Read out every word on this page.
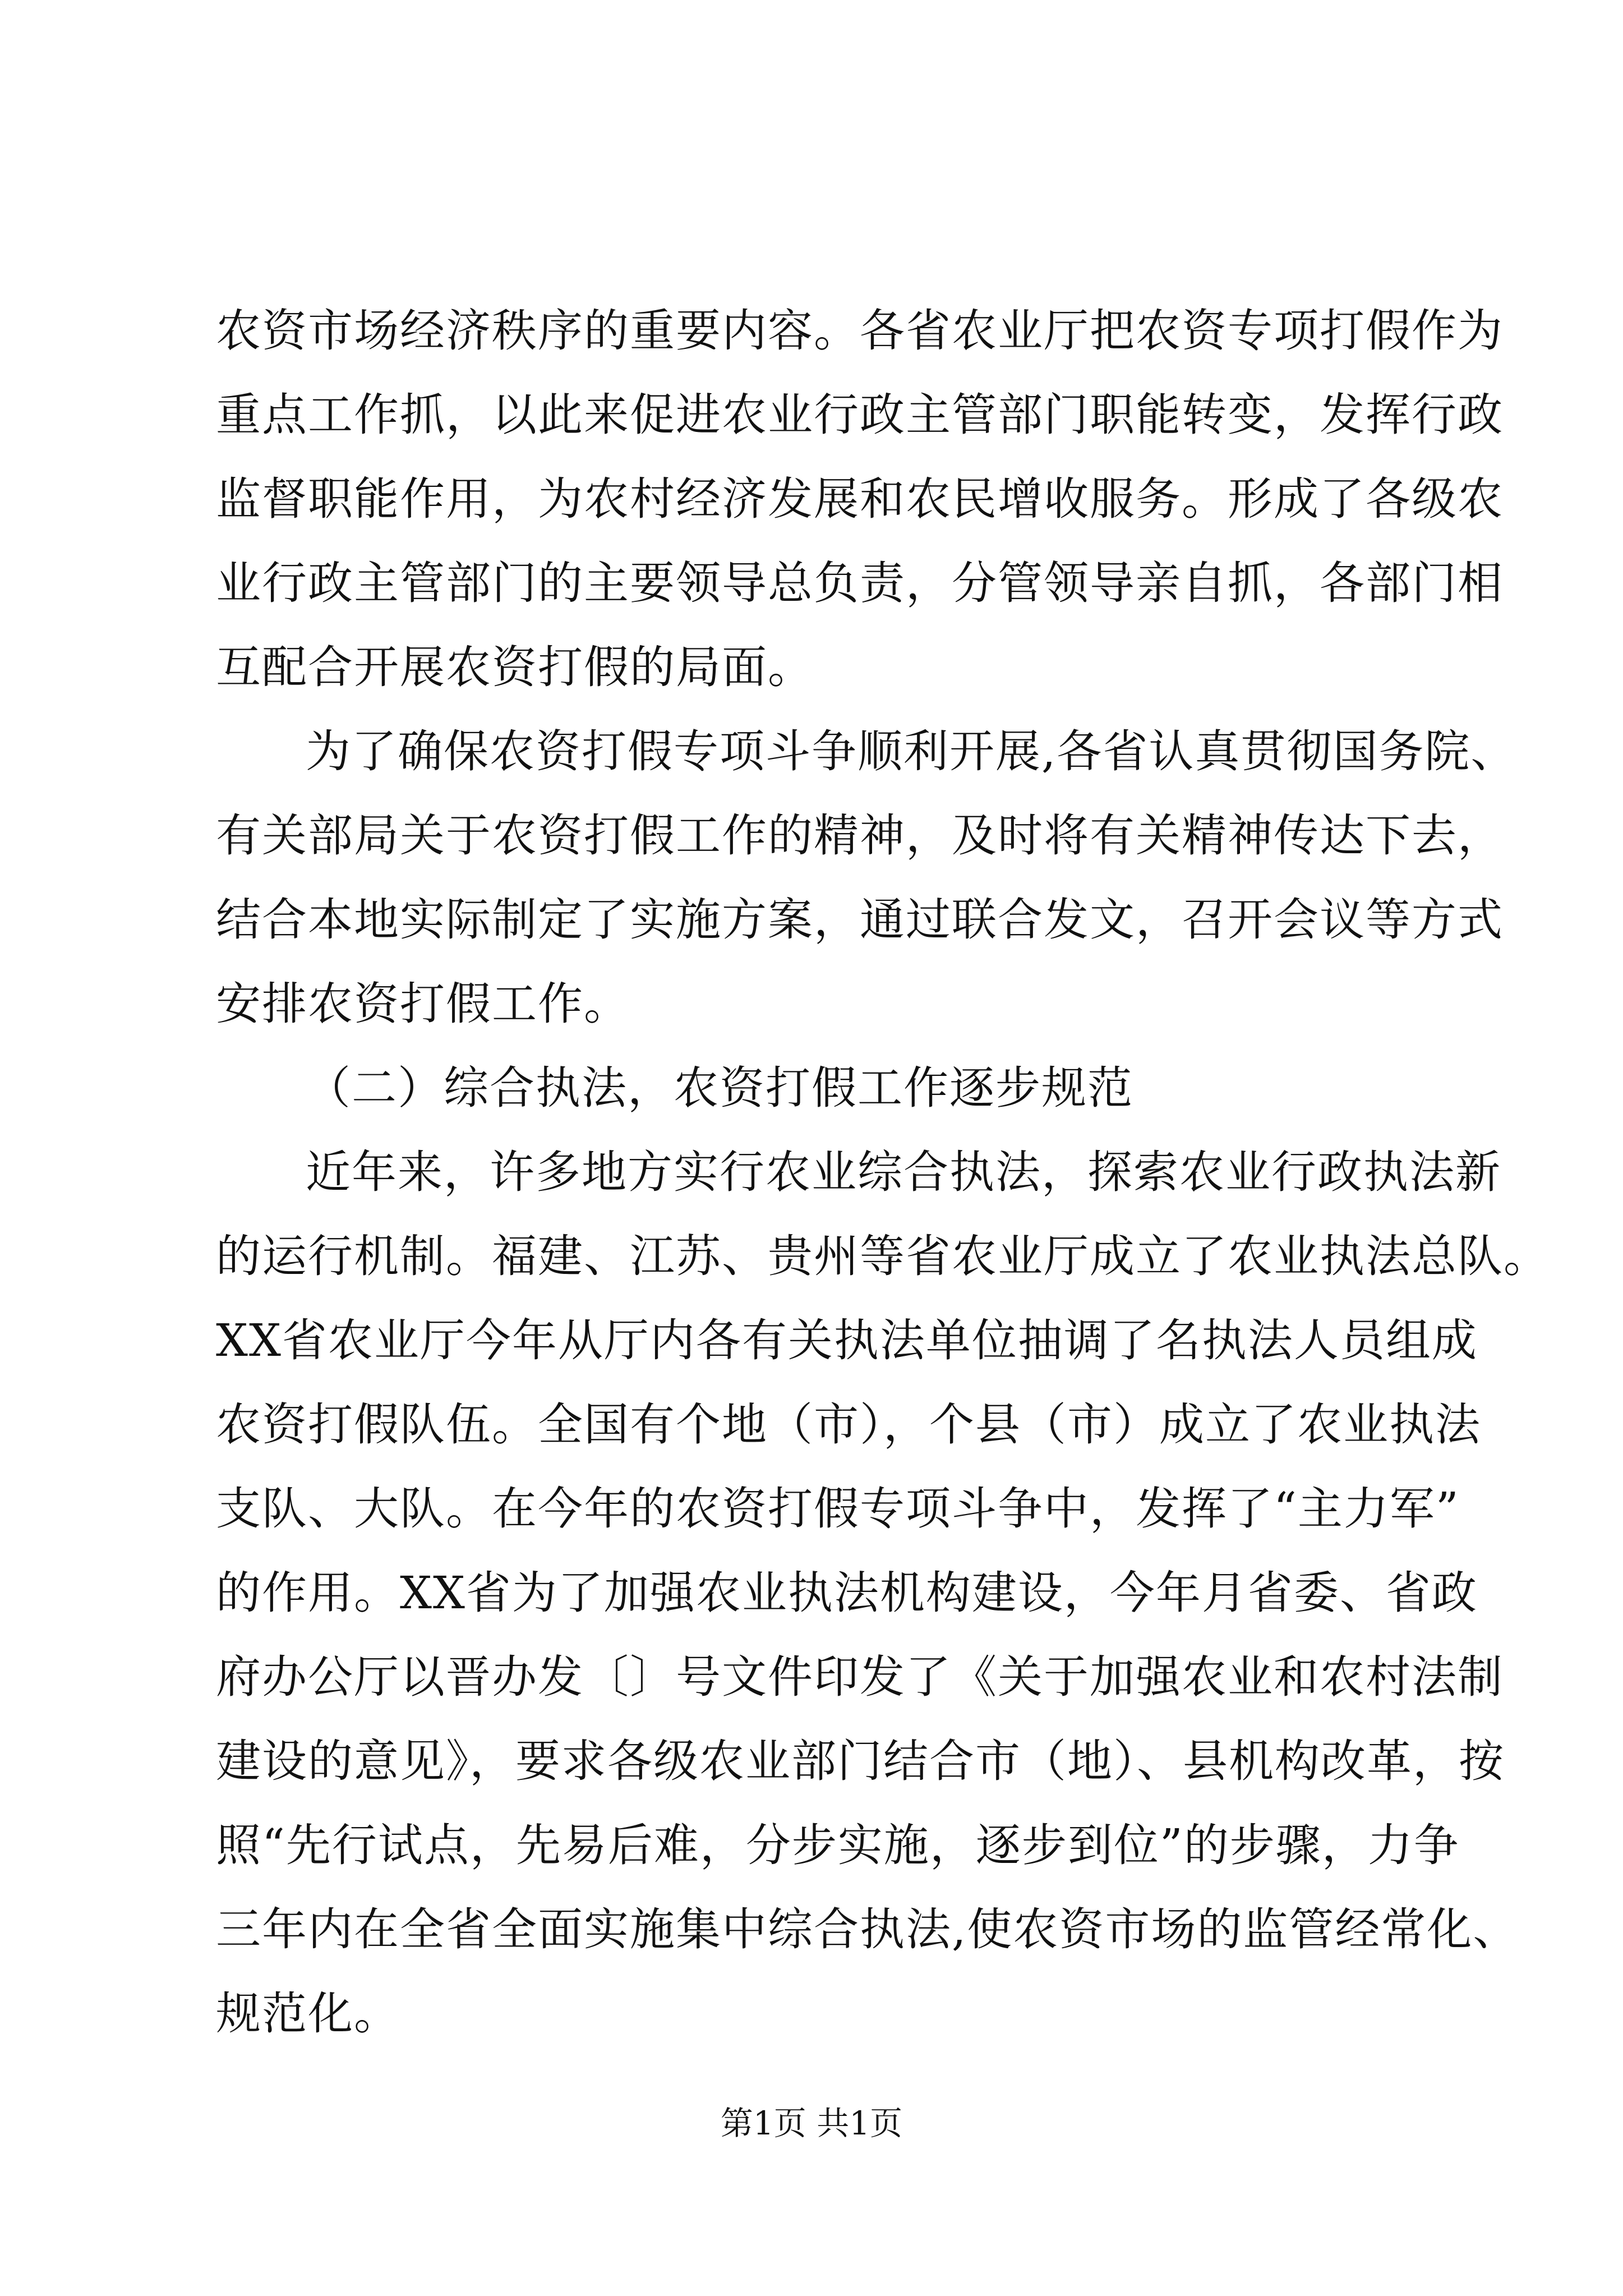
农资市场经济秩序的重要内容。各省农业厅把农资专项打假作为

重点工作抓，以此来促进农业行政主管部门职能转变，发挥行政

监督职能作用，为农村经济发展和农民增收服务。形成了各级农

业行政主管部门的主要领导总负责，分管领导亲自抓，各部门相

互配合开展农资打假的局面。

为了确保农资打假专项斗争顺利开展,各省认真贯彻国务院、

有关部局关于农资打假工作的精神，及时将有关精神传达下去，

结合本地实际制定了实施方案，通过联合发文，召开会议等方式

安排农资打假工作。

（二）综合执法，农资打假工作逐步规范

近年来，许多地方实行农业综合执法，探索农业行政执法新

的运行机制。福建、江苏、贵州等省农业厅成立了农业执法总队。

XX省农业厅今年从厅内各有关执法单位抽调了名执法人员组成

农资打假队伍。全国有个地（市），个县（市）成立了农业执法

支队、大队。在今年的农资打假专项斗争中，发挥了“主力军”

的作用。XX省为了加强农业执法机构建设，今年月省委、省政

府办公厅以晋办发〔〕号文件印发了《关于加强农业和农村法制

建设的意见》，要求各级农业部门结合市（地）、县机构改革，按

照“先行试点，先易后难，分步实施，逐步到位”的步骤，力争

三年内在全省全面实施集中综合执法,使农资市场的监管经常化、

规范化。

第1页 共1页
